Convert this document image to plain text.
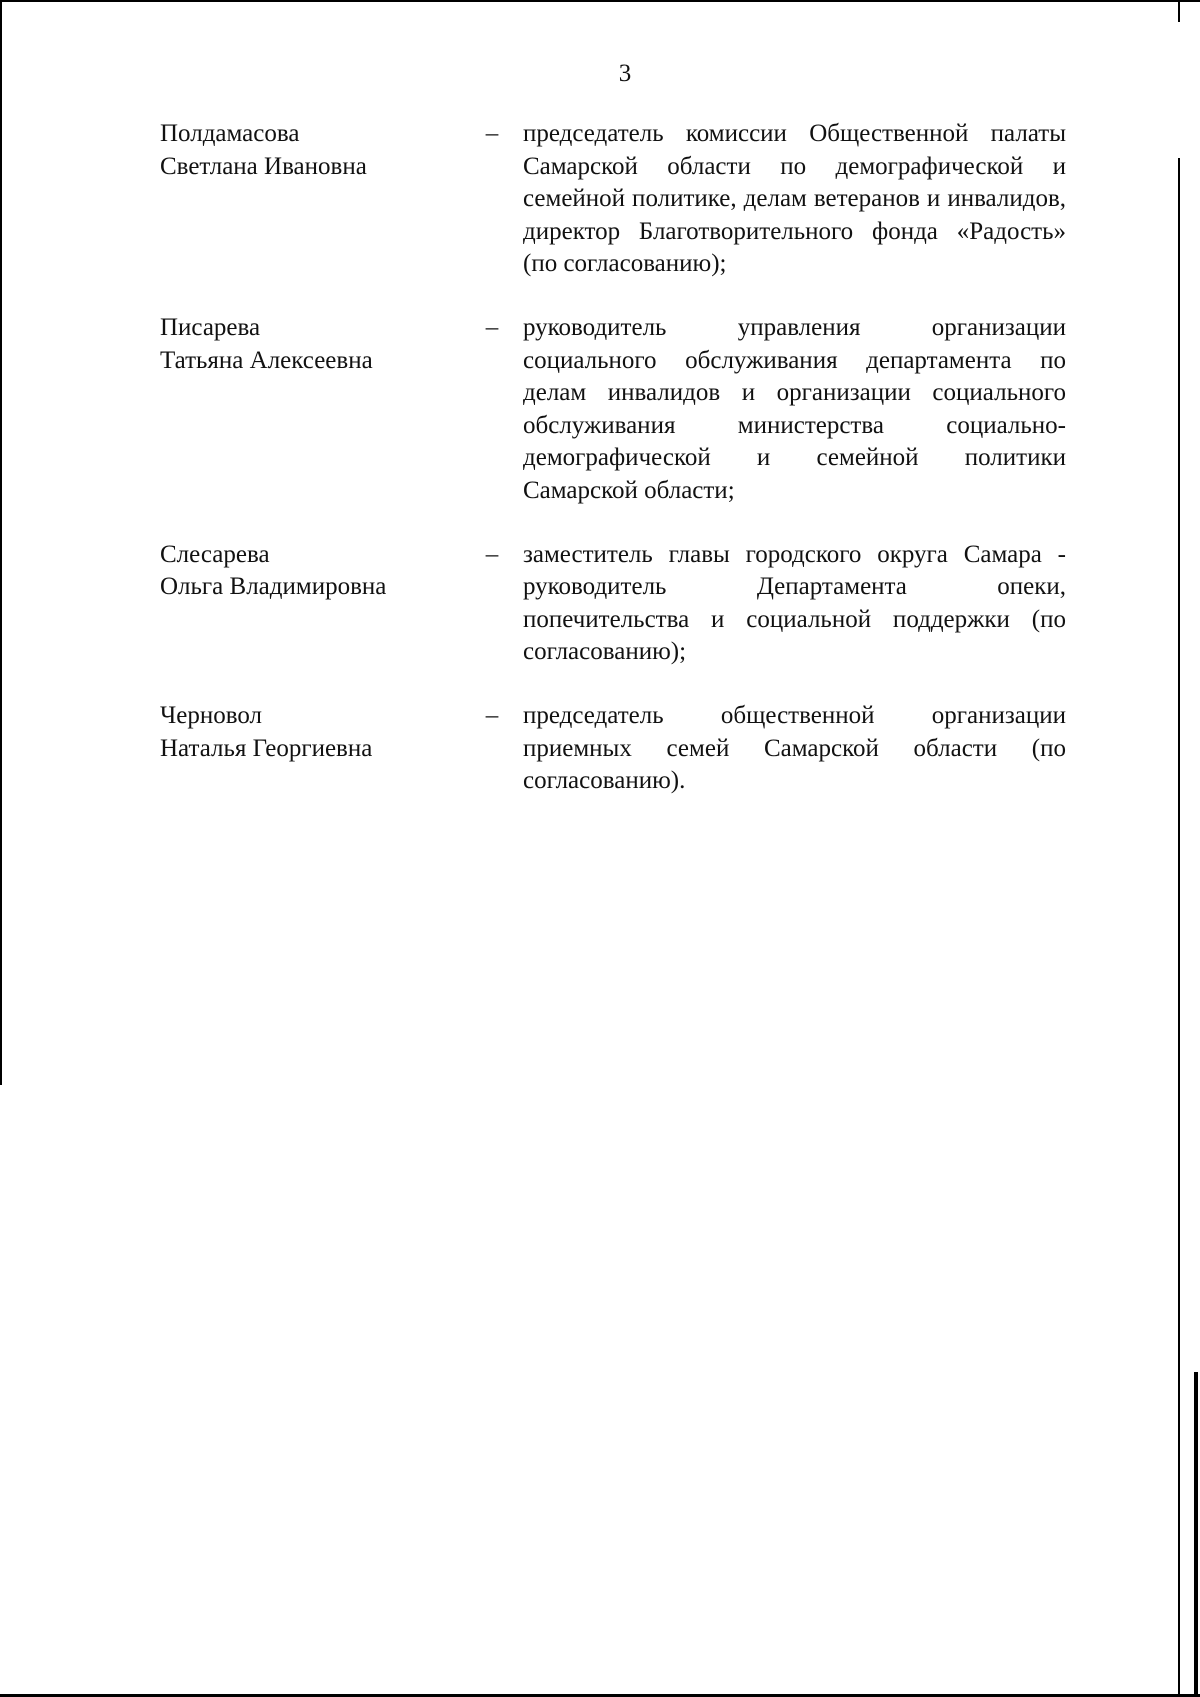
3
Полдамасова
Светлана Ивановна
– председатель комиссии Общественной палаты Самарской области по демографической и семейной политике, делам ветеранов и инвалидов, директор Благотворительного фонда «Радость» (по согласованию);
Писарева
Татьяна Алексеевна
– руководитель управления организации социального обслуживания департамента по делам инвалидов и организации социального обслуживания министерства социально-демографической и семейной политики Самарской области;
Слесарева
Ольга Владимировна
– заместитель главы городского округа Самара - руководитель Департамента опеки, попечительства и социальной поддержки (по согласованию);
Черновол
Наталья Георгиевна
– председатель общественной организации приемных семей Самарской области (по согласованию).
